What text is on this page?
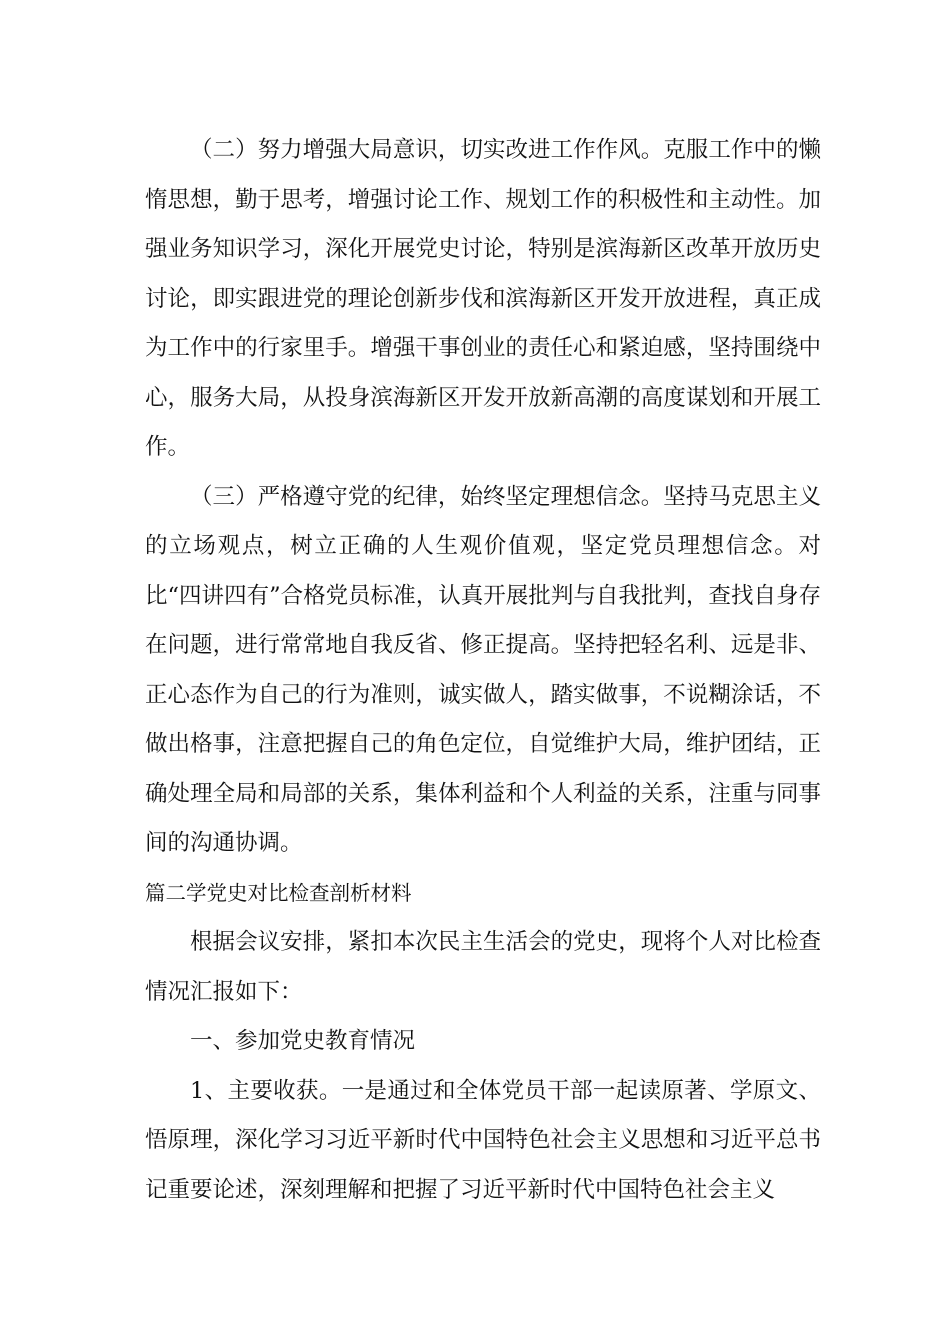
（二）努力增强大局意识，切实改进工作作风。克服工作中的懒惰思想，勤于思考，增强讨论工作、规划工作的积极性和主动性。加强业务知识学习，深化开展党史讨论，特别是滨海新区改革开放历史讨论，即实跟进党的理论创新步伐和滨海新区开发开放进程，真正成为工作中的行家里手。增强干事创业的责任心和紧迫感，坚持围绕中心，服务大局，从投身滨海新区开发开放新高潮的高度谋划和开展工作。

（三）严格遵守党的纪律，始终坚定理想信念。坚持马克思主义的立场观点，树立正确的人生观价值观，坚定党员理想信念。对比“四讲四有”合格党员标准，认真开展批判与自我批判，查找自身存在问题，进行常常地自我反省、修正提高。坚持把轻名利、远是非、正心态作为自己的行为准则，诚实做人，踏实做事，不说糊涂话，不做出格事，注意把握自己的角色定位，自觉维护大局，维护团结，正确处理全局和局部的关系，集体利益和个人利益的关系，注重与同事间的沟通协调。

篇二学党史对比检查剖析材料

根据会议安排，紧扣本次民主生活会的党史，现将个人对比检查情况汇报如下：

一、参加党史教育情况

1、主要收获。一是通过和全体党员干部一起读原著、学原文、悟原理，深化学习习近平新时代中国特色社会主义思想和习近平总书记重要论述，深刻理解和把握了习近平新时代中国特色社会主义
